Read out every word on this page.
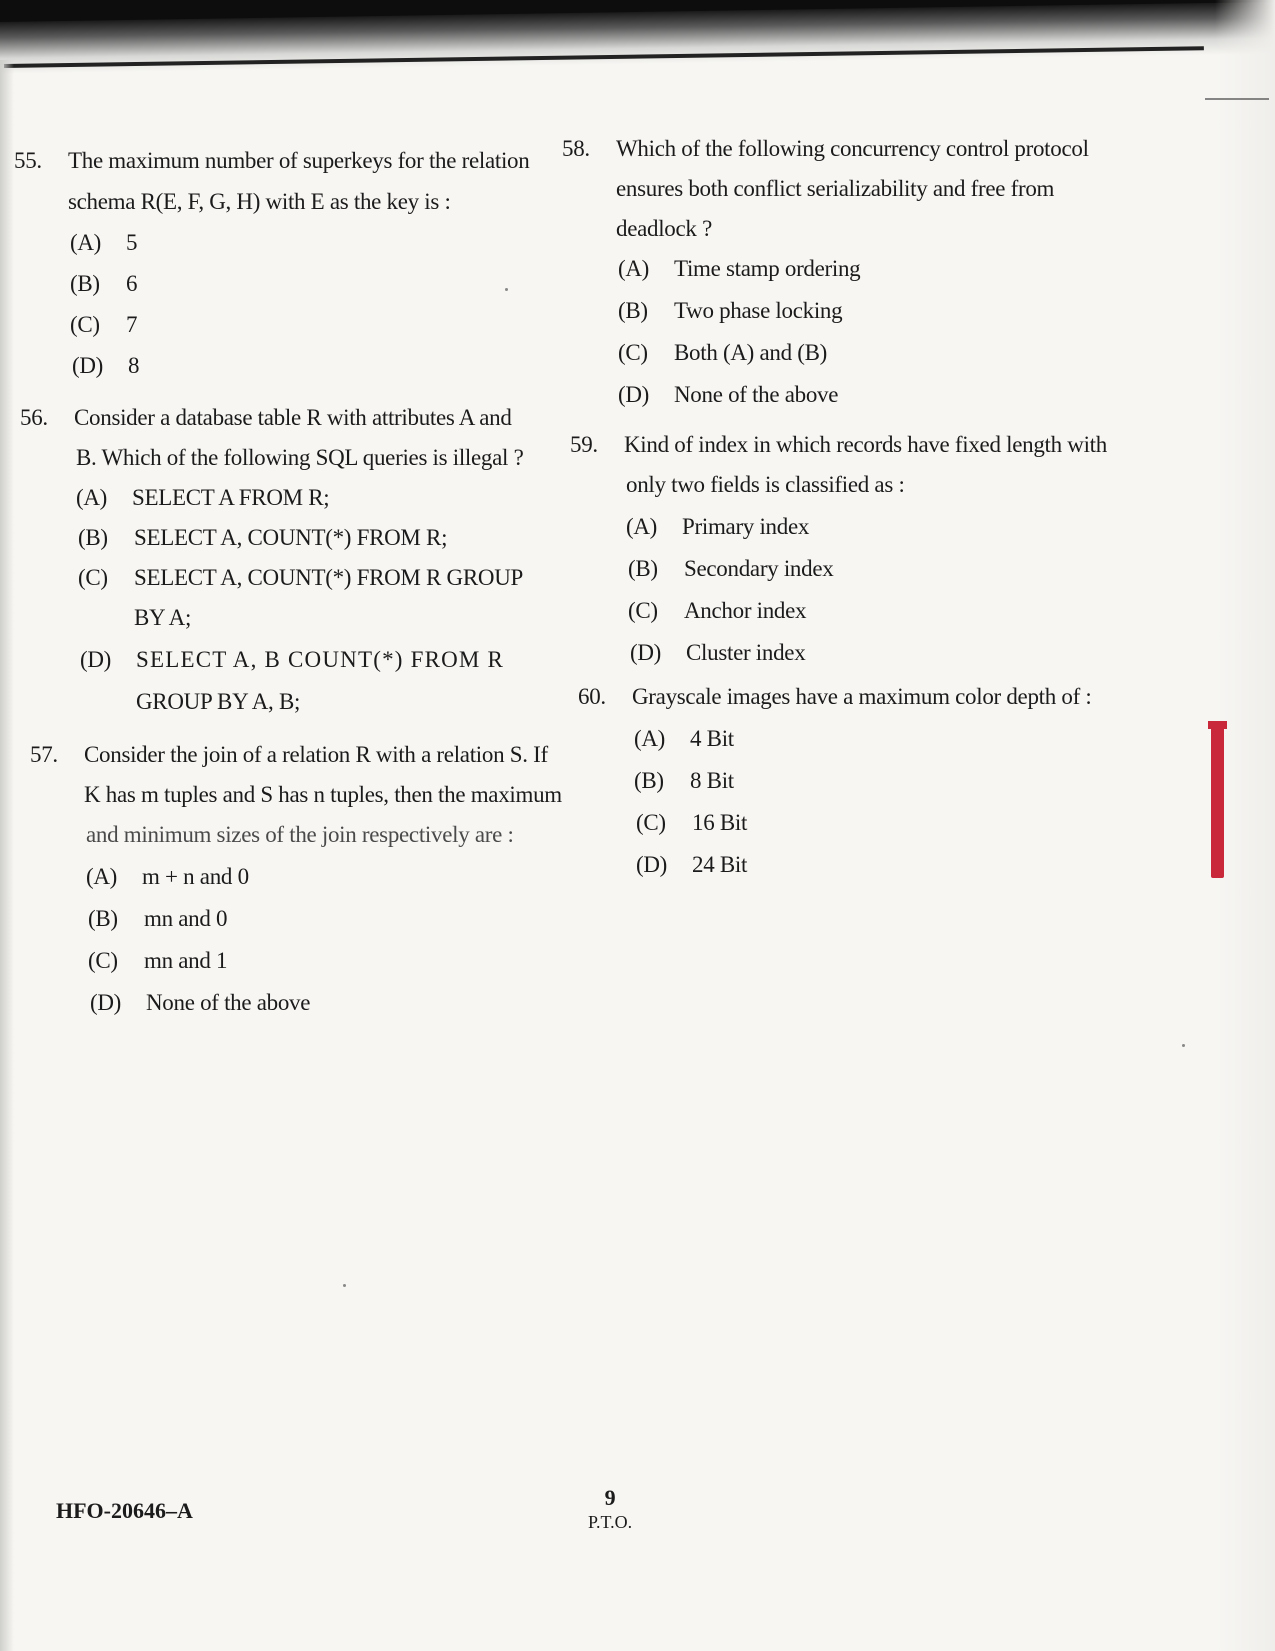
55. The maximum number of superkeys for the relation
schema R(E, F, G, H) with E as the key is :
(A) 5
(B) 6
(C) 7
(D) 8
56. Consider a database table R with attributes A and
B. Which of the following SQL queries is illegal ?
(A) SELECT A FROM R;
(B) SELECT A, COUNT(*) FROM R;
(C) SELECT A, COUNT(*) FROM R GROUP
BY A;
(D) SELECT A, B COUNT(*) FROM R
GROUP BY A, B;
57. Consider the join of a relation R with a relation S. If
K has m tuples and S has n tuples, then the maximum
and minimum sizes of the join respectively are :
(A) m + n and 0
(B) mn and 0
(C) mn and 1
(D) None of the above
58. Which of the following concurrency control protocol
ensures both conflict serializability and free from
deadlock ?
(A) Time stamp ordering
(B) Two phase locking
(C) Both (A) and (B)
(D) None of the above
59. Kind of index in which records have fixed length with
only two fields is classified as :
(A) Primary index
(B) Secondary index
(C) Anchor index
(D) Cluster index
60. Grayscale images have a maximum color depth of :
(A) 4 Bit
(B) 8 Bit
(C) 16 Bit
(D) 24 Bit
HFO-20646–A
9
P.T.O.
